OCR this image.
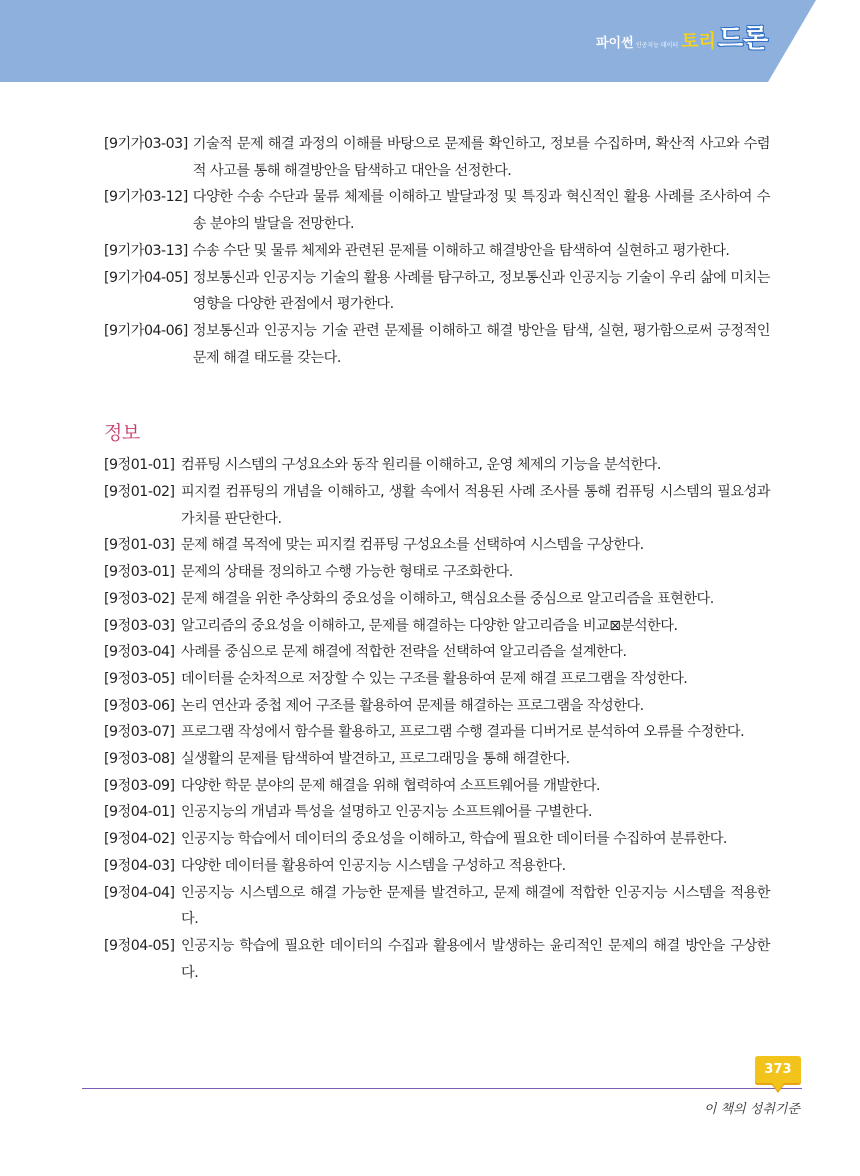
파이썬 인공지능 데이터 토리 드론
[9기가03-03] 기술적 문제 해결 과정의 이해를 바탕으로 문제를 확인하고, 정보를 수집하며, 확산적 사고와 수렴적 사고를 통해 해결방안을 탐색하고 대안을 선정한다.
[9기가03-12] 다양한 수송 수단과 물류 체제를 이해하고 발달과정 및 특징과 혁신적인 활용 사례를 조사하여 수송 분야의 발달을 전망한다.
[9기가03-13] 수송 수단 및 물류 체제와 관련된 문제를 이해하고 해결방안을 탐색하여 실현하고 평가한다.
[9기가04-05] 정보통신과 인공지능 기술의 활용 사례를 탐구하고, 정보통신과 인공지능 기술이 우리 삶에 미치는 영향을 다양한 관점에서 평가한다.
[9기가04-06] 정보통신과 인공지능 기술 관련 문제를 이해하고 해결 방안을 탐색, 실현, 평가함으로써 긍정적인 문제 해결 태도를 갖는다.
정보
[9정01-01] 컴퓨팅 시스템의 구성요소와 동작 원리를 이해하고, 운영 체제의 기능을 분석한다.
[9정01-02] 피지컬 컴퓨팅의 개념을 이해하고, 생활 속에서 적용된 사례 조사를 통해 컴퓨팅 시스템의 필요성과 가치를 판단한다.
[9정01-03] 문제 해결 목적에 맞는 피지컬 컴퓨팅 구성요소를 선택하여 시스템을 구상한다.
[9정03-01] 문제의 상태를 정의하고 수행 가능한 형태로 구조화한다.
[9정03-02] 문제 해결을 위한 추상화의 중요성을 이해하고, 핵심요소를 중심으로 알고리즘을 표현한다.
[9정03-03] 알고리즘의 중요성을 이해하고, 문제를 해결하는 다양한 알고리즘을 비교⊠분석한다.
[9정03-04] 사례를 중심으로 문제 해결에 적합한 전략을 선택하여 알고리즘을 설계한다.
[9정03-05] 데이터를 순차적으로 저장할 수 있는 구조를 활용하여 문제 해결 프로그램을 작성한다.
[9정03-06] 논리 연산과 중첩 제어 구조를 활용하여 문제를 해결하는 프로그램을 작성한다.
[9정03-07] 프로그램 작성에서 함수를 활용하고, 프로그램 수행 결과를 디버거로 분석하여 오류를 수정한다.
[9정03-08] 실생활의 문제를 탐색하여 발견하고, 프로그래밍을 통해 해결한다.
[9정03-09] 다양한 학문 분야의 문제 해결을 위해 협력하여 소프트웨어를 개발한다.
[9정04-01] 인공지능의 개념과 특성을 설명하고 인공지능 소프트웨어를 구별한다.
[9정04-02] 인공지능 학습에서 데이터의 중요성을 이해하고, 학습에 필요한 데이터를 수집하여 분류한다.
[9정04-03] 다양한 데이터를 활용하여 인공지능 시스템을 구성하고 적용한다.
[9정04-04] 인공지능 시스템으로 해결 가능한 문제를 발견하고, 문제 해결에 적합한 인공지능 시스템을 적용한다.
[9정04-05] 인공지능 학습에 필요한 데이터의 수집과 활용에서 발생하는 윤리적인 문제의 해결 방안을 구상한다.
373
이 책의 성취기준
